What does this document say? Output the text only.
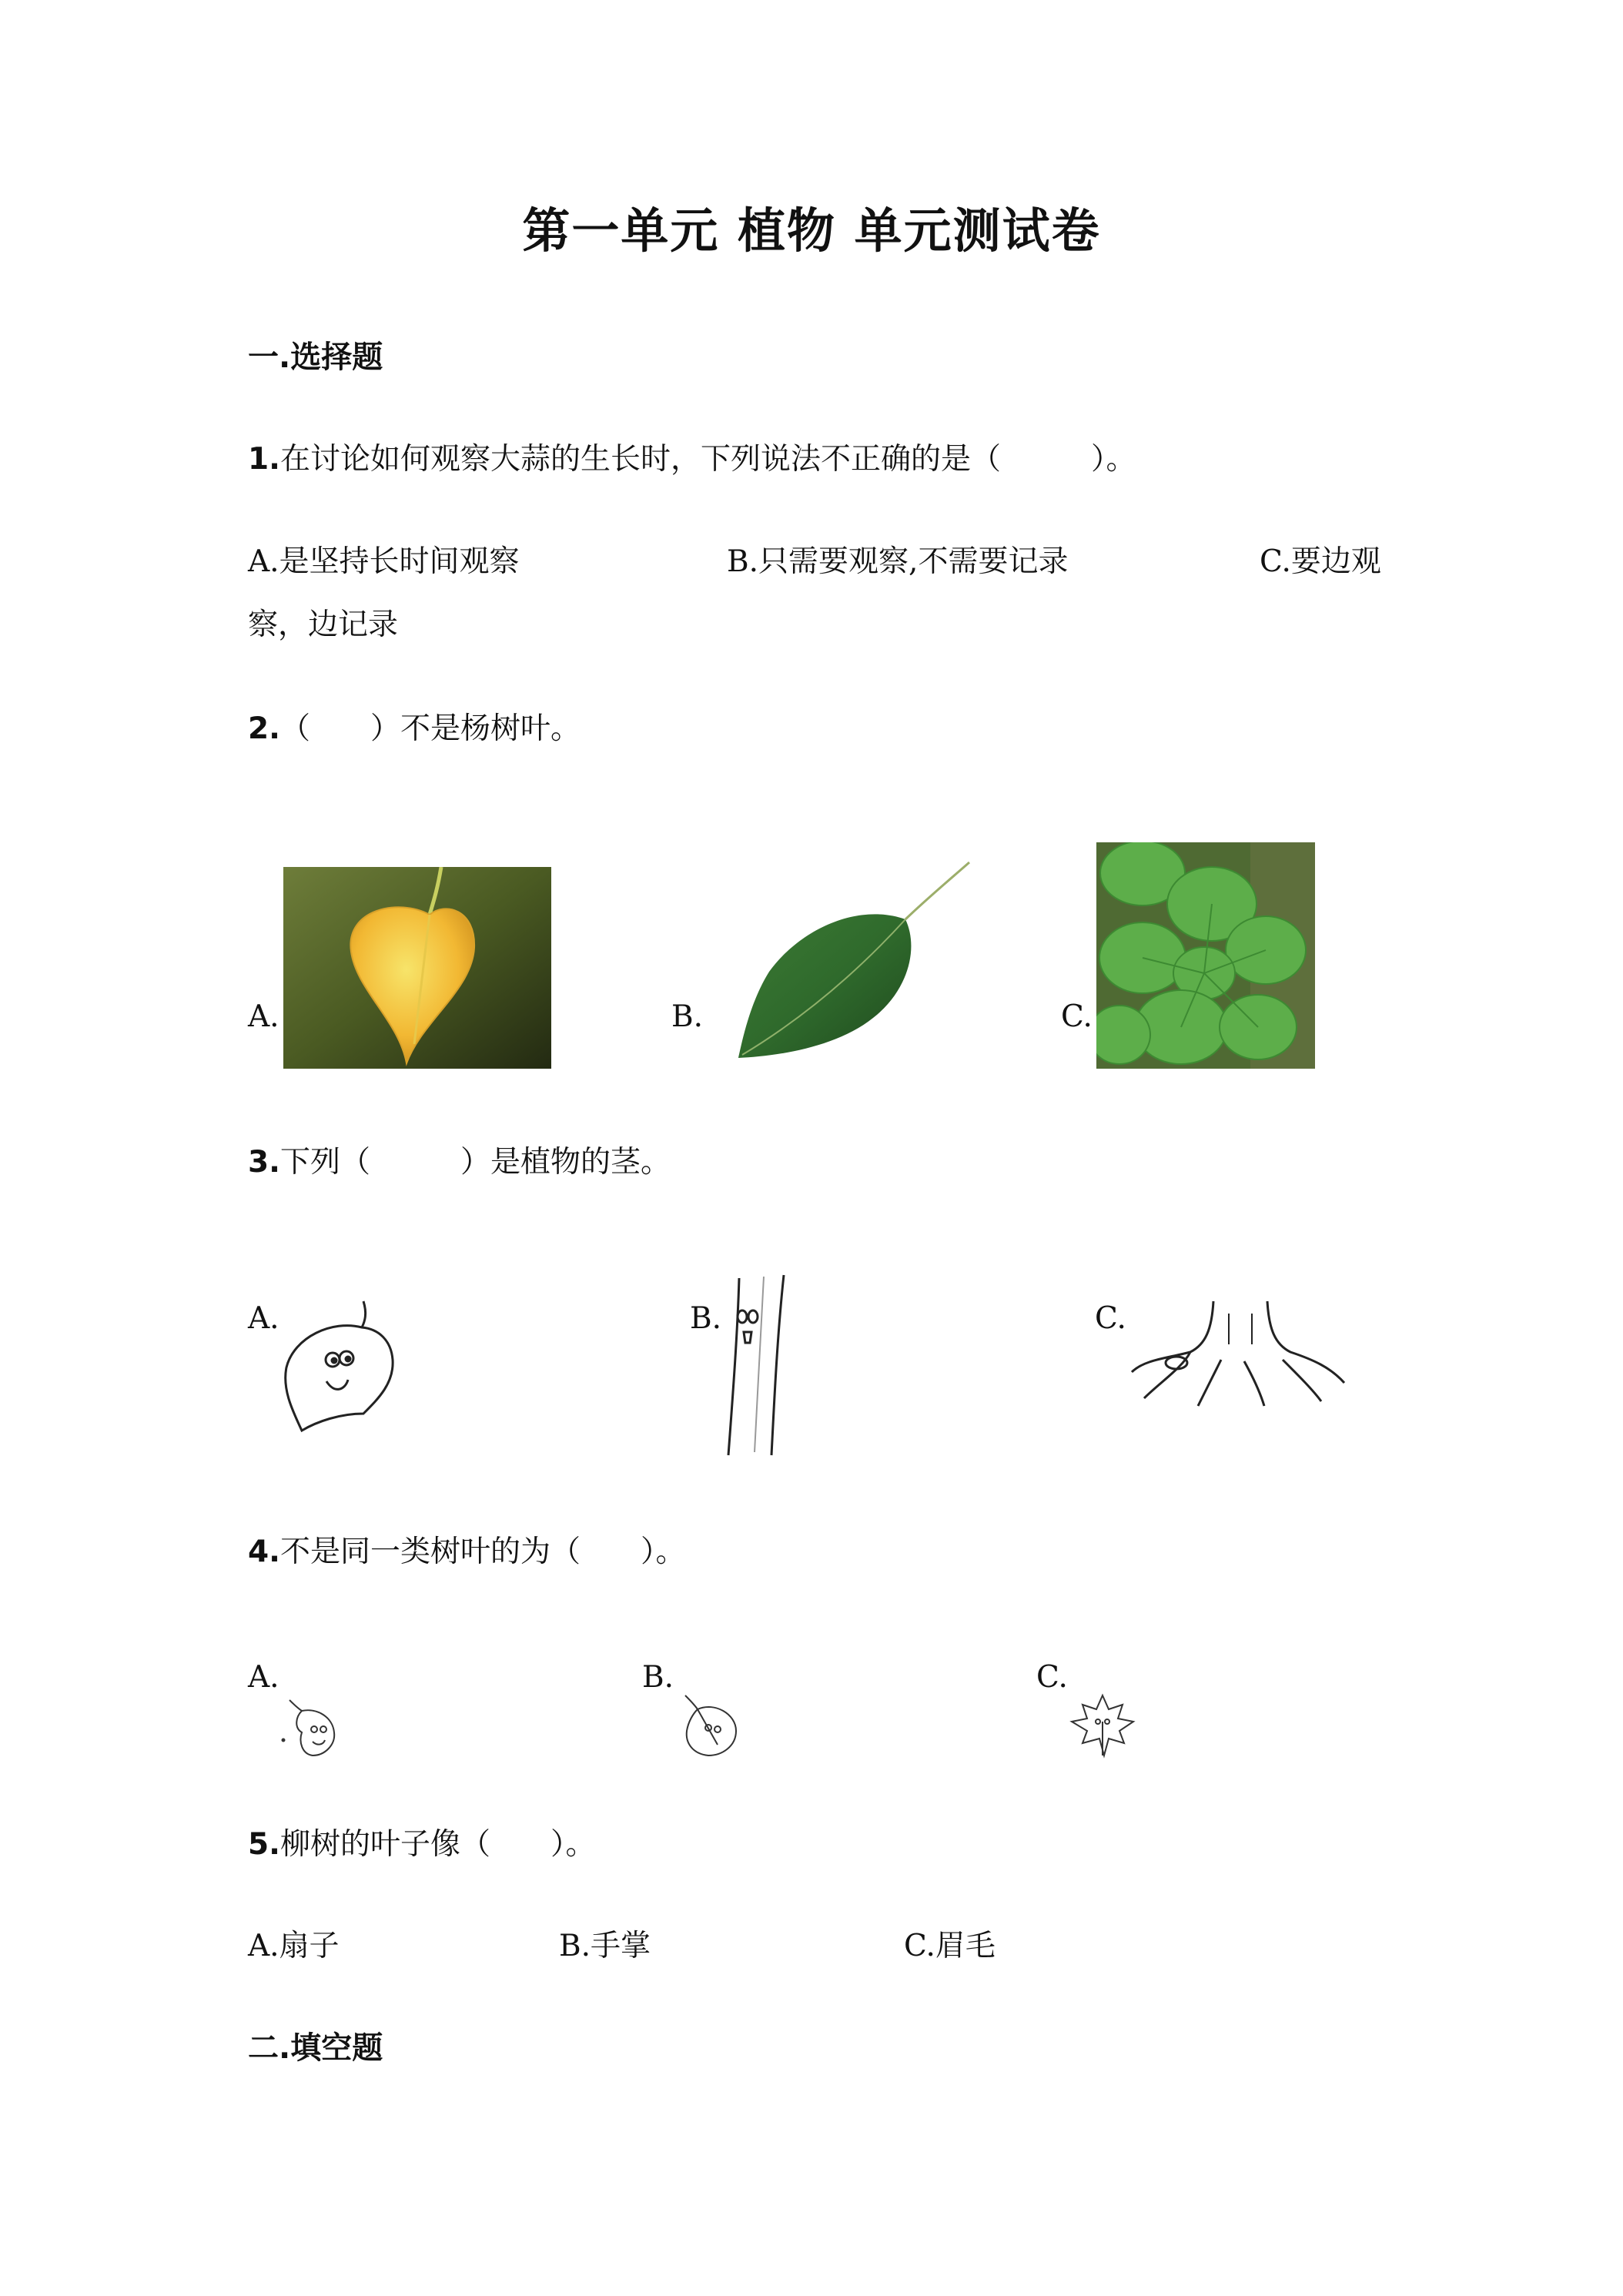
第一单元 植物 单元测试卷
一.选择题
1.在讨论如何观察大蒜的生长时，下列说法不正确的是（　　　）。
A.是坚持长时间观察	B.只需要观察,不需要记录	C.要边观
察，边记录
2.（　　）不是杨树叶。
A.	B.	C.
3.下列（　　　）是植物的茎。
A.	B.	C.
4.不是同一类树叶的为（　　）。
A.	B.	C.
5.柳树的叶子像（　　）。
A.扇子	B.手掌	C.眉毛
二.填空题
